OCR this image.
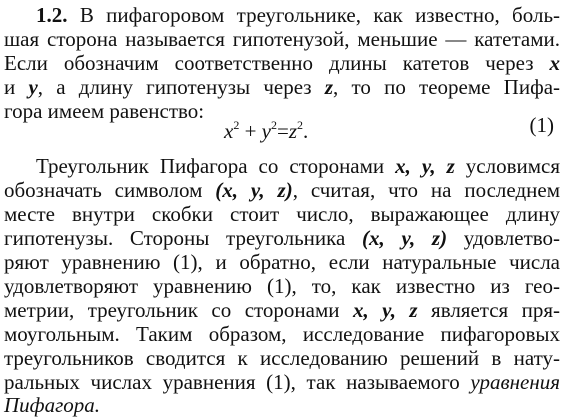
1.2. В пифагоровом треугольнике, как известно, боль-
шая сторона называется гипотенузой, меньшие — катетами.
Если обозначим соответственно длины катетов через x
и y, а длину гипотенузы через z, то по теореме Пифа-
гора имеем равенство:
$x^2 + y^2=z^2$.	(1)
Треугольник Пифагора со сторонами x, y, z условимся
обозначать символом (x, y, z), считая, что на последнем
месте внутри скобки стоит число, выражающее длину
гипотенузы. Стороны треугольника (x, y, z) удовлетво-
ряют уравнению (1), и обратно, если натуральные числа
удовлетворяют уравнению (1), то, как известно из гео-
метрии, треугольник со сторонами x, y, z является пря-
моугольным. Таким образом, исследование пифагоровых
треугольников сводится к исследованию решений в нату-
ральных числах уравнения (1), так называемого уравнения
Пифагора.
